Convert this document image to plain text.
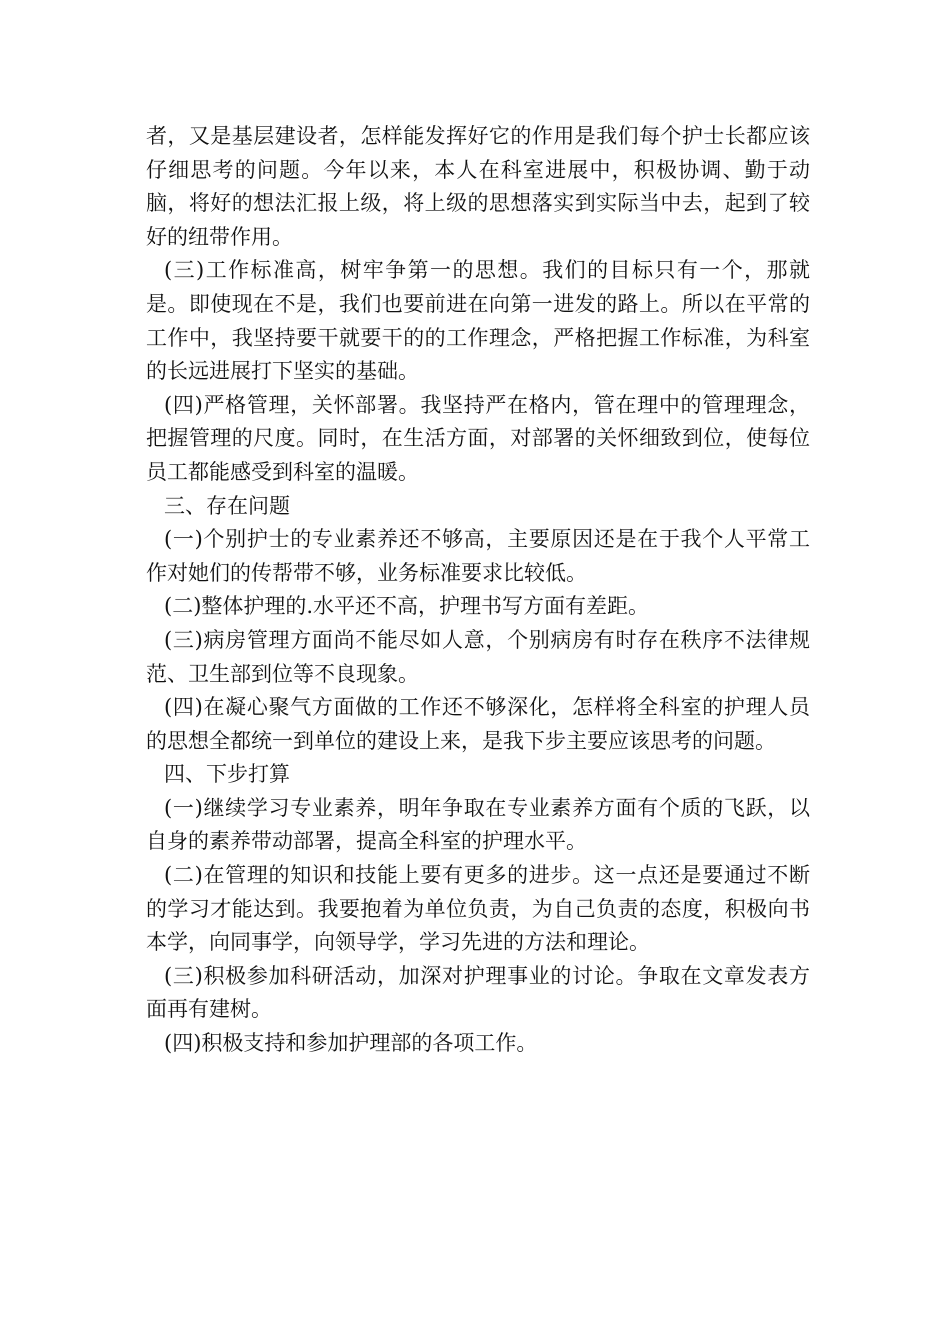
者，又是基层建设者，怎样能发挥好它的作用是我们每个护士长都应该仔细思考的问题。今年以来，本人在科室进展中，积极协调、勤于动脑，将好的想法汇报上级，将上级的思想落实到实际当中去，起到了较好的纽带作用。

(三)工作标准高，树牢争第一的思想。我们的目标只有一个，那就是。即使现在不是，我们也要前进在向第一进发的路上。所以在平常的工作中，我坚持要干就要干的的工作理念，严格把握工作标准，为科室的长远进展打下坚实的基础。

(四)严格管理，关怀部署。我坚持严在格内，管在理中的管理理念，把握管理的尺度。同时，在生活方面，对部署的关怀细致到位，使每位员工都能感受到科室的温暖。

三、存在问题

(一)个别护士的专业素养还不够高，主要原因还是在于我个人平常工作对她们的传帮带不够，业务标准要求比较低。

(二)整体护理的.水平还不高，护理书写方面有差距。

(三)病房管理方面尚不能尽如人意，个别病房有时存在秩序不法律规范、卫生部到位等不良现象。

(四)在凝心聚气方面做的工作还不够深化，怎样将全科室的护理人员的思想全都统一到单位的建设上来，是我下步主要应该思考的问题。

四、下步打算

(一)继续学习专业素养，明年争取在专业素养方面有个质的飞跃，以自身的素养带动部署，提高全科室的护理水平。

(二)在管理的知识和技能上要有更多的进步。这一点还是要通过不断的学习才能达到。我要抱着为单位负责，为自己负责的态度，积极向书本学，向同事学，向领导学，学习先进的方法和理论。

(三)积极参加科研活动，加深对护理事业的讨论。争取在文章发表方面再有建树。

(四)积极支持和参加护理部的各项工作。
